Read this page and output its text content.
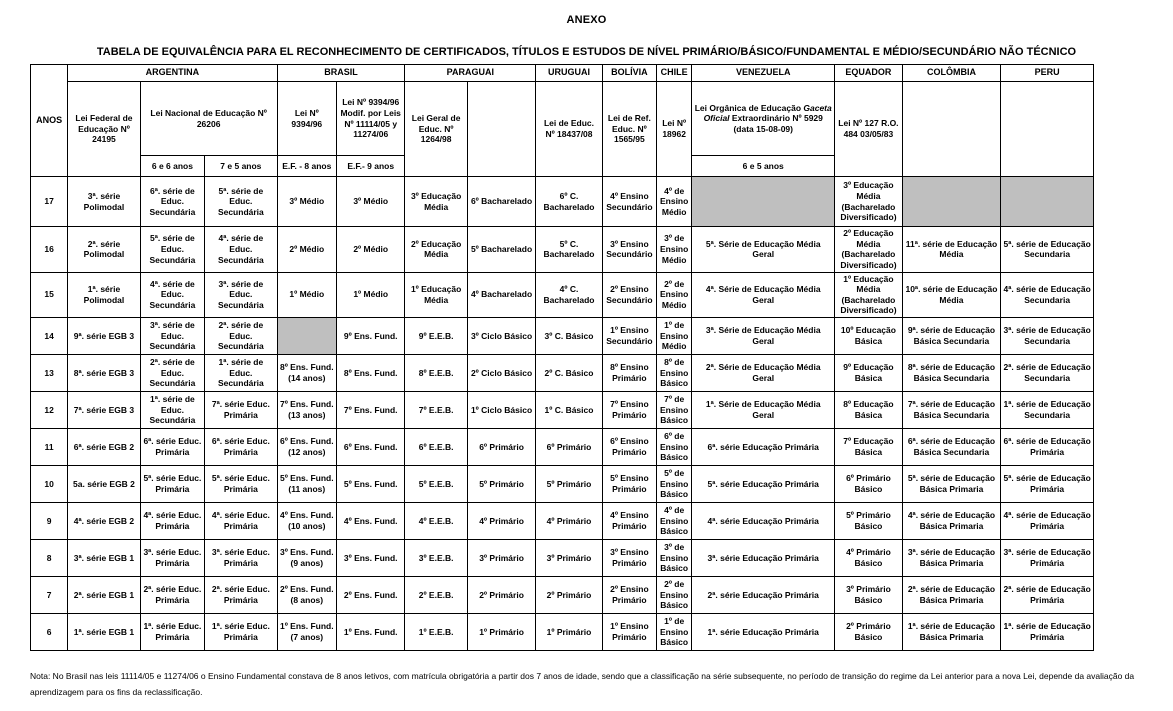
ANEXO
TABELA DE EQUIVALÊNCIA PARA EL RECONHECIMENTO DE CERTIFICADOS, TÍTULOS E ESTUDOS DE NÍVEL PRIMÁRIO/BÁSICO/FUNDAMENTAL E MÉDIO/SECUNDÁRIO NÃO TÉCNICO
ANOS	ARGENTINA			BRASIL		PARAGUAI		URUGUAI	BOLÍVIA	CHILE	VENEZUELA	EQUADOR	COLÔMBIA	PERU
	Lei Federal de Educação Nº 24195	Lei Nacional de Educação Nº 26206		Lei Nº 9394/96	Lei Nº 9394/96 Modif. por Leis Nº 11114/05 y 11274/06	Lei Geral de Educ. Nº 1264/98		Lei de Educ. Nº 18437/08	Lei de Ref. Educ. Nº 1565/95	Lei Nº 18962	Lei Orgânica de Educação Gaceta Oficial Extraordinário Nº 5929 (data 15-08-09)	Lei Nº 127 R.O. 484 03/05/83		
		6 e 6 anos	7 e 5 anos	E.F. - 8 anos	E.F.- 9 anos						6 e 5 anos			
17	3ª. série Polimodal	6ª. série de Educ. Secundária	5ª. série de Educ. Secundária	3º Médio	3º Médio	3º Educação Média	6º Bacharelado	6º C. Bacharelado	4º Ensino Secundário	4º de Ensino Médio		3º Educação Média (Bacharelado Diversificado)		
16	2ª. série Polimodal	5ª. série de Educ. Secundária	4ª. série de Educ. Secundária	2º Médio	2º Médio	2º Educação Média	5º Bacharelado	5º C. Bacharelado	3º Ensino Secundário	3º de Ensino Médio	5ª. Série de Educação Média Geral	2º Educação Média (Bacharelado Diversificado)	11ª. série de Educação Média	5ª. série de Educação Secundaria
15	1ª. série Polimodal	4ª. série de Educ. Secundária	3ª. série de Educ. Secundária	1º Médio	1º Médio	1º Educação Média	4º Bacharelado	4º C. Bacharelado	2º Ensino Secundário	2º de Ensino Médio	4ª. Série de Educação Média Geral	1º Educação Média (Bacharelado Diversificado)	10ª. série de Educação Média	4ª. série de Educação Secundaria
14	9ª. série EGB 3	3ª. série de Educ. Secundária	2ª. série de Educ. Secundária		9º Ens. Fund.	9º E.E.B.	3º Ciclo Básico	3º C. Básico	1º Ensino Secundário	1º de Ensino Médio	3ª. Série de Educação Média Geral	10º Educação Básica	9ª. série de Educação Básica Secundaria	3ª. série de Educação Secundaria
13	8ª. série EGB 3	2ª. série de Educ. Secundária	1ª. série de Educ. Secundária	8º Ens. Fund. (14 anos)	8º Ens. Fund.	8º E.E.B.	2º Ciclo Básico	2º C. Básico	8º Ensino Primário	8º de Ensino Básico	2ª. Série de Educação Média Geral	9º Educação Básica	8ª. série de Educação Básica Secundaria	2ª. série de Educação Secundaria
12	7ª. série EGB 3	1ª. série de Educ. Secundária	7ª. série Educ. Primária	7º Ens. Fund. (13 anos)	7º Ens. Fund.	7º E.E.B.	1º Ciclo Básico	1º C. Básico	7º Ensino Primário	7º de Ensino Básico	1ª. Série de Educação Média Geral	8º Educação Básica	7ª. série de Educação Básica Secundaria	1ª. série de Educação Secundaria
11	6ª. série EGB 2	6ª. série Educ. Primária	6ª. série Educ. Primária	6º Ens. Fund. (12 anos)	6º Ens. Fund.	6º E.E.B.	6º Primário	6º Primário	6º Ensino Primário	6º de Ensino Básico	6ª. série Educação Primária	7º Educação Básica	6ª. série de Educação Básica Secundaria	6ª. série de Educação Primária
10	5a. série EGB 2	5ª. série Educ. Primária	5ª. série Educ. Primária	5º Ens. Fund. (11 anos)	5º Ens. Fund.	5º E.E.B.	5º Primário	5º Primário	5º Ensino Primário	5º de Ensino Básico	5ª. série Educação Primária	6º Primário Básico	5ª. série de Educação Básica Primaria	5ª. série de Educação Primária
9	4ª. série EGB 2	4ª. série Educ. Primária	4ª. série Educ. Primária	4º Ens. Fund. (10 anos)	4º Ens. Fund.	4º E.E.B.	4º Primário	4º Primário	4º Ensino Primário	4º de Ensino Básico	4ª. série Educação Primária	5º Primário Básico	4ª. série de Educação Básica Primaria	4ª. série de Educação Primária
8	3ª. série EGB 1	3ª. série Educ. Primária	3ª. série Educ. Primária	3º Ens. Fund. (9 anos)	3º Ens. Fund.	3º E.E.B.	3º Primário	3º Primário	3º Ensino Primário	3º de Ensino Básico	3ª. série Educação Primária	4º Primário Básico	3ª. série de Educação Básica Primaria	3ª. série de Educação Primária
7	2ª. série EGB 1	2ª. série Educ. Primária	2ª. série Educ. Primária	2º Ens. Fund. (8 anos)	2º Ens. Fund.	2º E.E.B.	2º Primário	2º Primário	2º Ensino Primário	2º de Ensino Básico	2ª. série Educação Primária	3º Primário Básico	2ª. série de Educação Básica Primaria	2ª. série de Educação Primária
6	1ª. série EGB 1	1ª. série Educ. Primária	1ª. série Educ. Primária	1º Ens. Fund. (7 anos)	1º Ens. Fund.	1º E.E.B.	1º Primário	1º Primário	1º Ensino Primário	1º de Ensino Básico	1ª. série Educação Primária	2º Primário Básico	1ª. série de Educação Básica Primaria	1ª. série de Educação Primária
Nota: No Brasil nas leis 11114/05 e 11274/06 o Ensino Fundamental constava de 8 anos letivos, com matrícula obrigatória a partir dos 7 anos de idade, sendo que a classificação na série subsequente, no período de transição do regime da Lei anterior para a nova Lei, depende da avaliação da aprendizagem para os fins da reclassificação.
